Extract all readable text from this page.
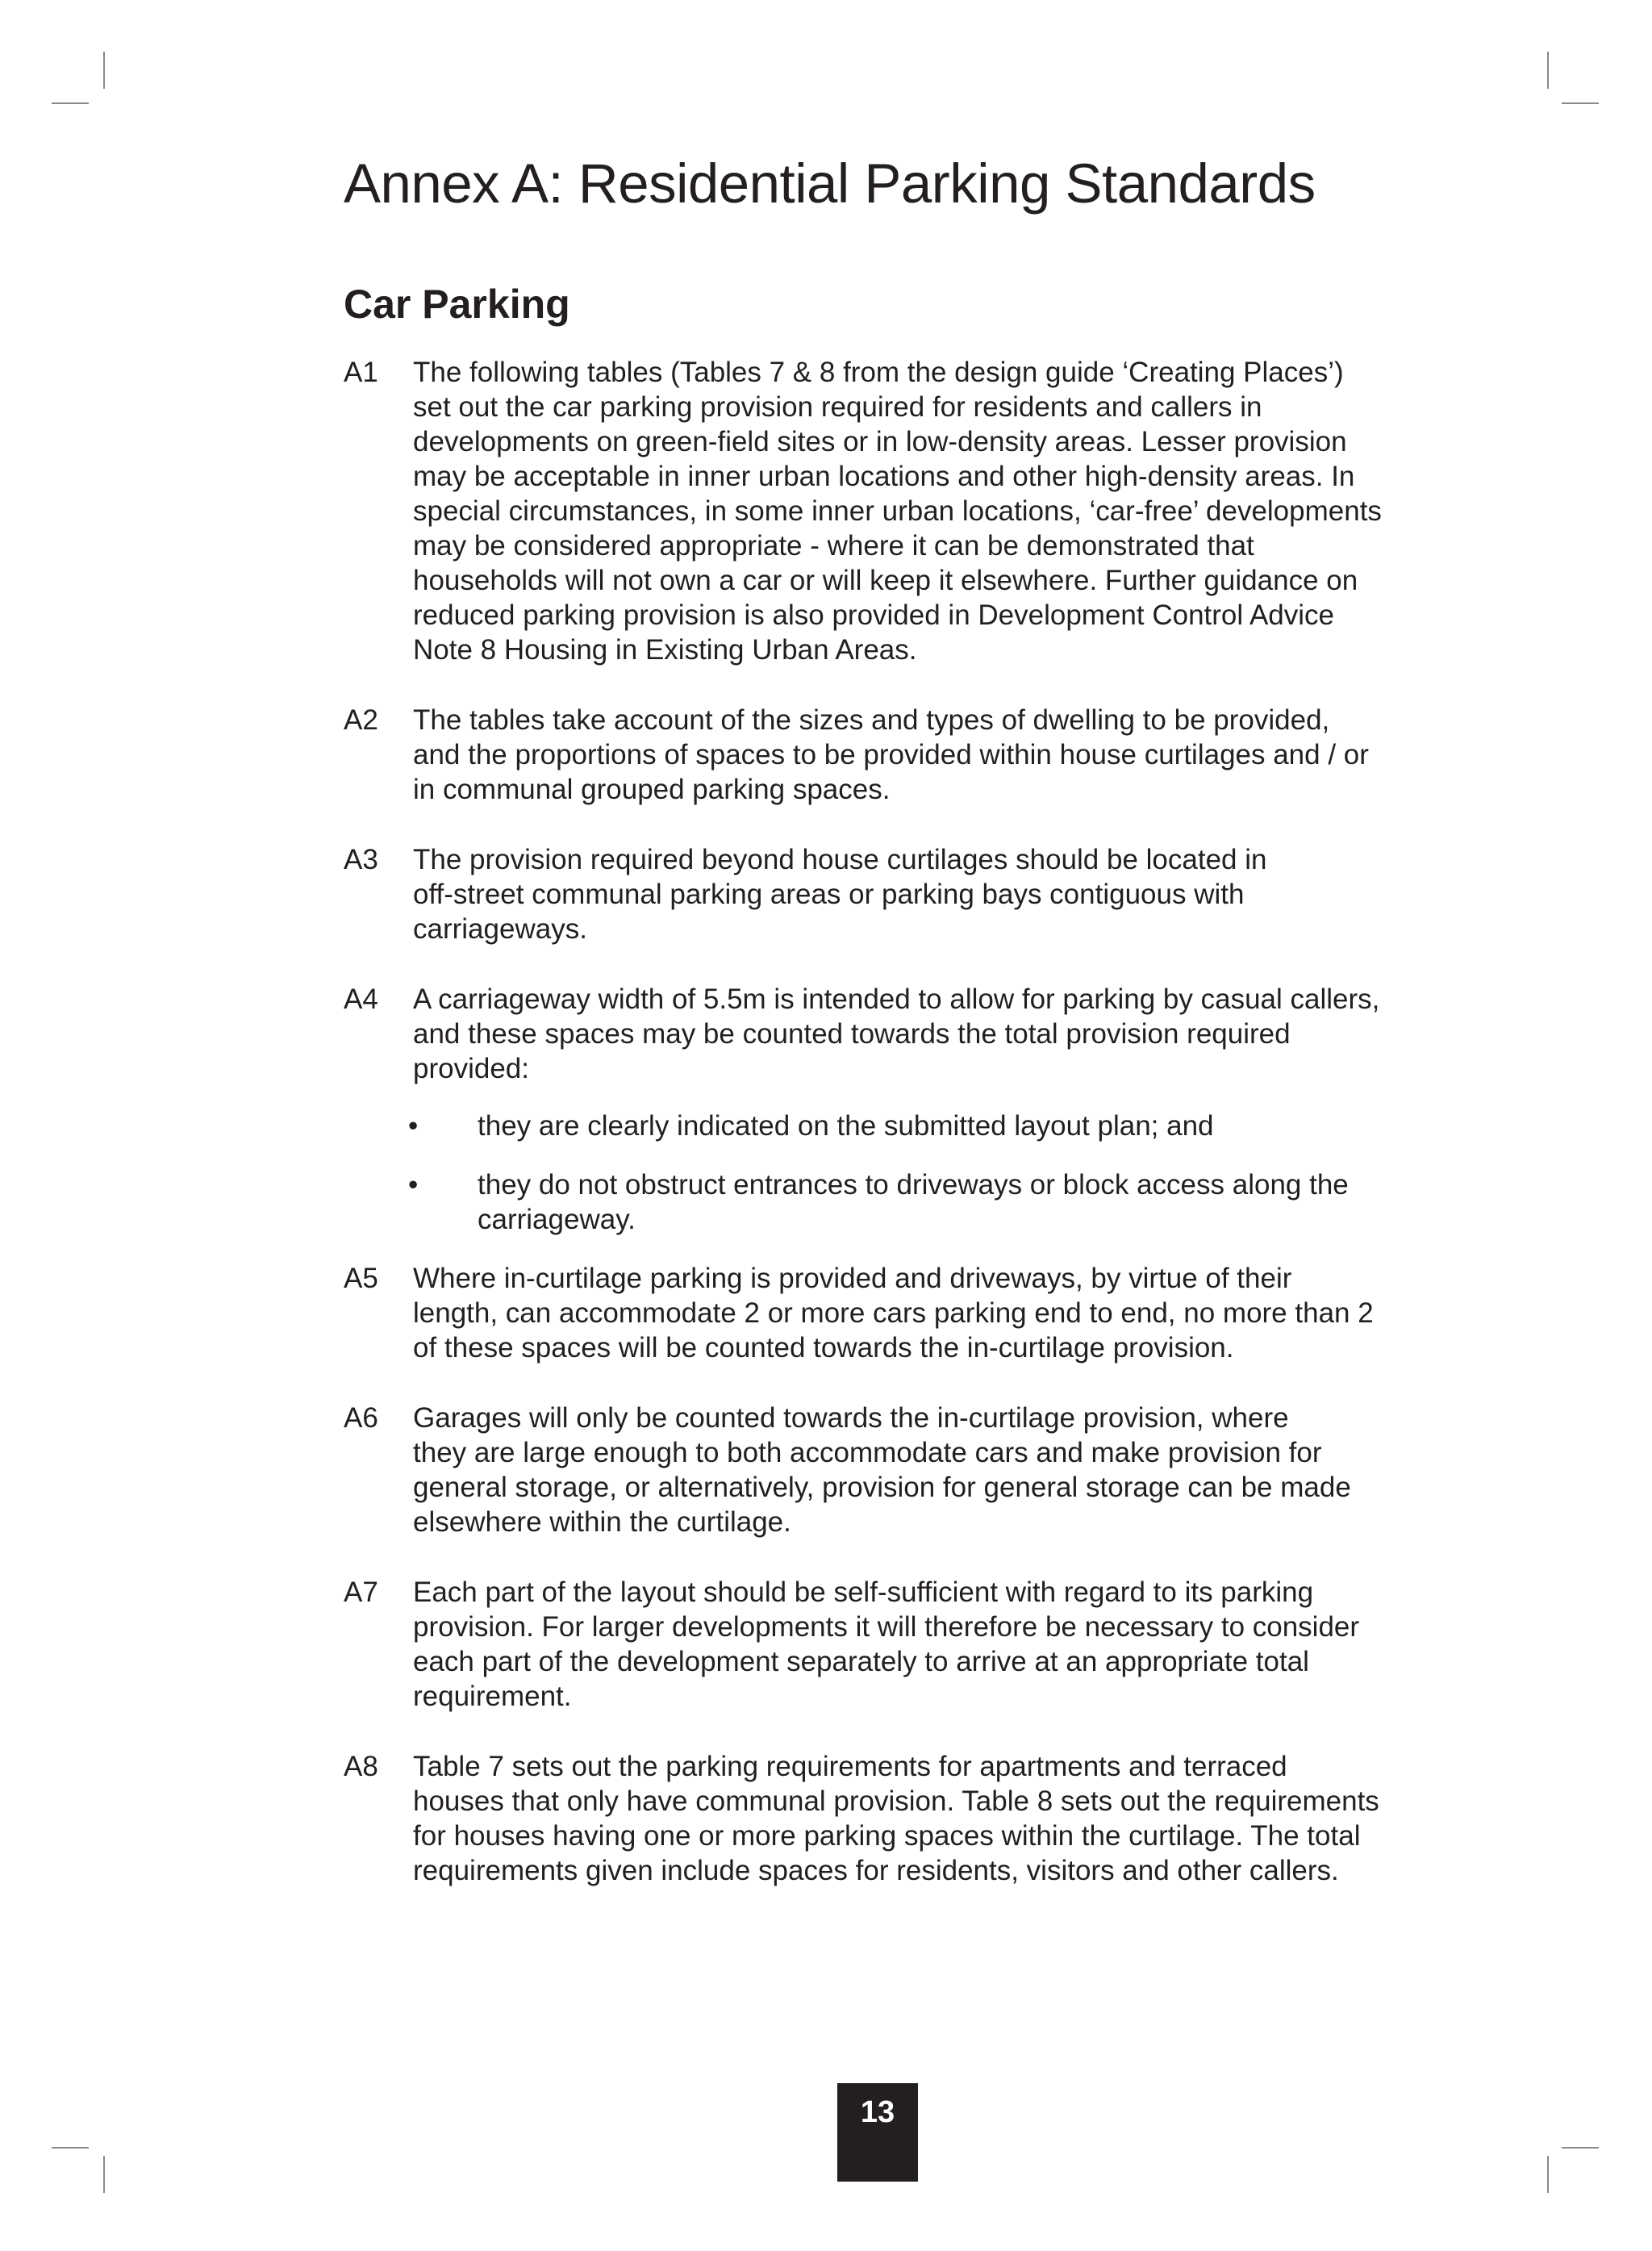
Annex A: Residential Parking Standards
Car Parking
A1	The following tables (Tables 7 & 8 from the design guide ‘Creating Places’)
set out the car parking provision required for residents and callers in
developments on green-field sites or in low-density areas. Lesser provision
may be acceptable in inner urban locations and other high-density areas. In
special circumstances, in some inner urban locations, ‘car-free’ developments
may be considered appropriate - where it can be demonstrated that
households will not own a car or will keep it elsewhere. Further guidance on
reduced parking provision is also provided in Development Control Advice
Note 8 Housing in Existing Urban Areas.

A2	The tables take account of the sizes and types of dwelling to be provided,
and the proportions of spaces to be provided within house curtilages and / or
in communal grouped parking spaces.

A3	The provision required beyond house curtilages should be located in
off-street communal parking areas or parking bays contiguous with
carriageways.

A4	A carriageway width of 5.5m is intended to allow for parking by casual callers,
and these spaces may be counted towards the total provision required
provided:

•	they are clearly indicated on the submitted layout plan; and
•	they do not obstruct entrances to driveways or block access along the
carriageway.
A5	Where in-curtilage parking is provided and driveways, by virtue of their
length, can accommodate 2 or more cars parking end to end, no more than 2
of these spaces will be counted towards the in-curtilage provision.

A6	Garages will only be counted towards the in-curtilage provision, where
they are large enough to both accommodate cars and make provision for
general storage, or alternatively, provision for general storage can be made
elsewhere within the curtilage.

A7	Each part of the layout should be self-sufficient with regard to its parking
provision. For larger developments it will therefore be necessary to consider
each part of the development separately to arrive at an appropriate total
requirement.

A8	Table 7 sets out the parking requirements for apartments and terraced
houses that only have communal provision. Table 8 sets out the requirements
for houses having one or more parking spaces within the curtilage. The total
requirements given include spaces for residents, visitors and other callers.

13
